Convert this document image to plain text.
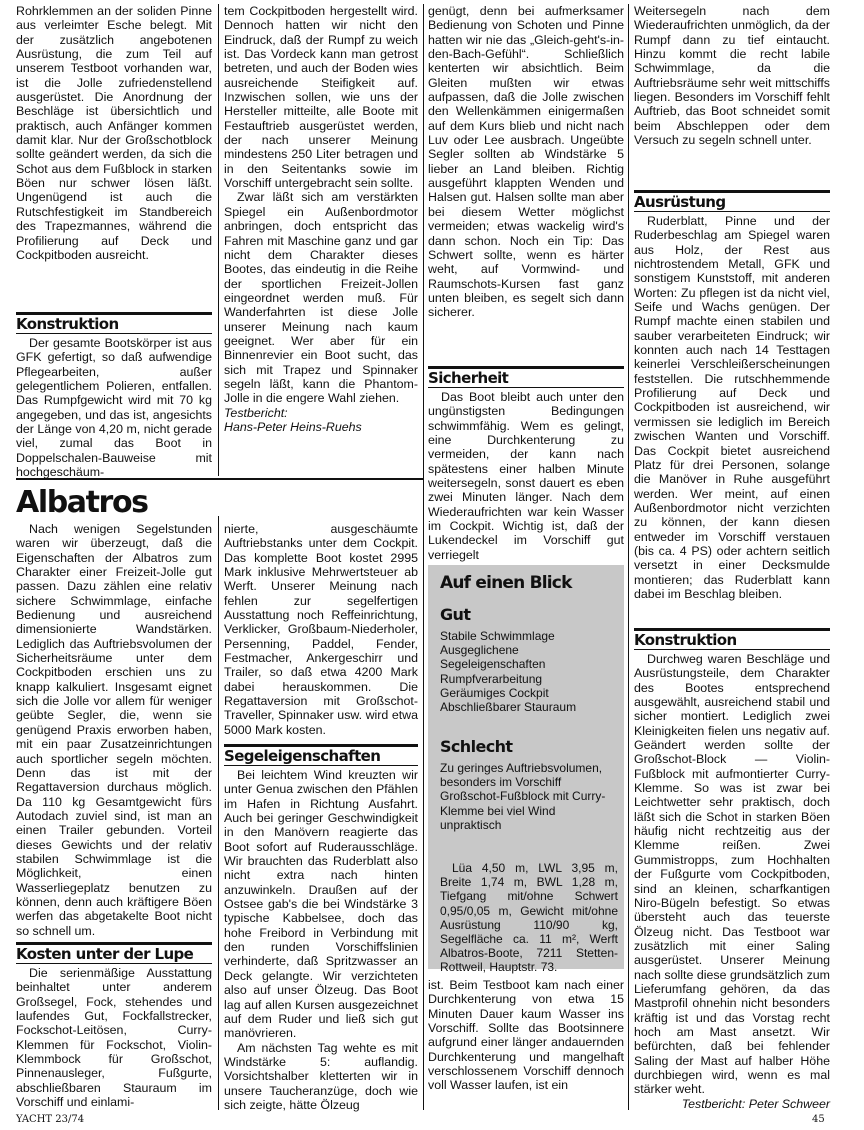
Rohrklemmen an der soliden Pinne aus verleimter Esche belegt. Mit der zusätzlich angebotenen Ausrüstung, die zum Teil auf unserem Testboot vorhanden war, ist die Jolle zufriedenstellend ausgerüstet. Die Anordnung der Beschläge ist übersichtlich und praktisch, auch Anfänger kommen damit klar. Nur der Großschotblock sollte geändert werden, da sich die Schot aus dem Fußblock in starken Böen nur schwer lösen läßt. Ungenügend ist auch die Rutschfestigkeit im Standbereich des Trapezmannes, während die Profilierung auf Deck und Cockpitboden ausreicht.

Konstruktion

Der gesamte Bootskörper ist aus GFK gefertigt, so daß aufwendige Pflegearbeiten, außer gelegentlichem Polieren, entfallen. Das Rumpfgewicht wird mit 70 kg angegeben, und das ist, angesichts der Länge von 4,20 m, nicht gerade viel, zumal das Boot in Doppelschalen-Bauweise mit hochgeschäum-

tem Cockpitboden hergestellt wird. Dennoch hatten wir nicht den Eindruck, daß der Rumpf zu weich ist. Das Vordeck kann man getrost betreten, und auch der Boden wies ausreichende Steifigkeit auf. Inzwischen sollen, wie uns der Hersteller mitteilte, alle Boote mit Festauftrieb ausgerüstet werden, der nach unserer Meinung mindestens 250 Liter betragen und in den Seitentanks sowie im Vorschiff untergebracht sein sollte.

Zwar läßt sich am verstärkten Spiegel ein Außenbordmotor anbringen, doch entspricht das Fahren mit Maschine ganz und gar nicht dem Charakter dieses Bootes, das eindeutig in die Reihe der sportlichen Freizeit-Jollen eingeordnet werden muß. Für Wanderfahrten ist diese Jolle unserer Meinung nach kaum geeignet. Wer aber für ein Binnenrevier ein Boot sucht, das sich mit Trapez und Spinnaker segeln läßt, kann die Phantom-Jolle in die engere Wahl ziehen.

Testbericht:

Hans-Peter Heins-Ruehs

Albatros

Nach wenigen Segelstunden waren wir überzeugt, daß die Eigenschaften der Albatros zum Charakter einer Freizeit-Jolle gut passen. Dazu zählen eine relativ sichere Schwimmlage, einfache Bedienung und ausreichend dimensionierte Wandstärken. Lediglich das Auftriebsvolumen der Sicherheitsräume unter dem Cockpitboden erschien uns zu knapp kalkuliert. Insgesamt eignet sich die Jolle vor allem für weniger geübte Segler, die, wenn sie genügend Praxis erworben haben, mit ein paar Zusatzeinrichtungen auch sportlicher segeln möchten. Denn das ist mit der Regattaversion durchaus möglich. Da 110 kg Gesamtgewicht fürs Autodach zuviel sind, ist man an einen Trailer gebunden. Vorteil dieses Gewichts und der relativ stabilen Schwimmlage ist die Möglichkeit, einen Wasserliegeplatz benutzen zu können, denn auch kräftigere Böen werfen das abgetakelte Boot nicht so schnell um.

Kosten unter der Lupe

Die serienmäßige Ausstattung beinhaltet unter anderem Großsegel, Fock, stehendes und laufendes Gut, Fockfallstrecker, Fockschot-Leitösen, Curry-Klemmen für Fockschot, Violin-Klemmbock für Großschot, Pinnenausleger, Fußgurte, abschließbaren Stauraum im Vorschiff und einlami-

nierte, ausgeschäumte Auftriebstanks unter dem Cockpit. Das komplette Boot kostet 2995 Mark inklusive Mehrwertsteuer ab Werft. Unserer Meinung nach fehlen zur segelfertigen Ausstattung noch Reffeinrichtung, Verklicker, Großbaum-Niederholer, Persenning, Paddel, Fender, Festmacher, Ankergeschirr und Trailer, so daß etwa 4200 Mark dabei herauskommen. Die Regattaversion mit Großschot-Traveller, Spinnaker usw. wird etwa 5000 Mark kosten.

Segeleigenschaften

Bei leichtem Wind kreuzten wir unter Genua zwischen den Pfählen im Hafen in Richtung Ausfahrt. Auch bei geringer Geschwindigkeit in den Manövern reagierte das Boot sofort auf Ruderausschläge. Wir brauchten das Ruderblatt also nicht extra nach hinten anzuwinkeln. Draußen auf der Ostsee gab's die bei Windstärke 3 typische Kabbelsee, doch das hohe Freibord in Verbindung mit den runden Vorschiffslinien verhinderte, daß Spritzwasser an Deck gelangte. Wir verzichteten also auf unser Ölzeug. Das Boot lag auf allen Kursen ausgezeichnet auf dem Ruder und ließ sich gut manövrieren.

Am nächsten Tag wehte es mit Windstärke 5: auflandig. Vorsichtshalber kletterten wir in unsere Taucheranzüge, doch wie sich zeigte, hätte Ölzeug

genügt, denn bei aufmerksamer Bedienung von Schoten und Pinne hatten wir nie das „Gleich-geht's-in-den-Bach-Gefühl“. Schließlich kenterten wir absichtlich. Beim Gleiten mußten wir etwas aufpassen, daß die Jolle zwischen den Wellenkämmen einigermaßen auf dem Kurs blieb und nicht nach Luv oder Lee ausbrach. Ungeübte Segler sollten ab Windstärke 5 lieber an Land bleiben. Richtig ausgeführt klappten Wenden und Halsen gut. Halsen sollte man aber bei diesem Wetter möglichst vermeiden; etwas wackelig wird's dann schon. Noch ein Tip: Das Schwert sollte, wenn es härter weht, auf Vormwind- und Raumschots-Kursen fast ganz unten bleiben, es segelt sich dann sicherer.

Sicherheit

Das Boot bleibt auch unter den ungünstigsten Bedingungen schwimmfähig. Wem es gelingt, eine Durchkenterung zu vermeiden, der kann nach spätestens einer halben Minute weitersegeln, sonst dauert es eben zwei Minuten länger. Nach dem Wiederaufrichten war kein Wasser im Cockpit. Wichtig ist, daß der Lukendeckel im Vorschiff gut verriegelt

Auf einen Blick
Gut
Stabile Schwimmlage
Ausgeglichene Segeleigenschaften
Rumpfverarbeitung
Geräumiges Cockpit
Abschließbarer Stauraum
Schlecht
Zu geringes Auftriebsvolumen, besonders im Vorschiff
Großschot-Fußblock mit Curry-Klemme bei viel Wind unpraktisch
Lüa 4,50 m, LWL 3,95 m, Breite 1,74 m, BWL 1,28 m, Tiefgang mit/ohne Schwert 0,95/0,05 m, Gewicht mit/ohne Ausrüstung 110/90 kg, Segelfläche ca. 11 m², Werft Albatros-Boote, 7211 Stetten-Rottweil, Hauptstr. 73.

ist. Beim Testboot kam nach einer Durchkenterung von etwa 15 Minuten Dauer kaum Wasser ins Vorschiff. Sollte das Bootsinnere aufgrund einer länger andauernden Durchkenterung und mangelhaft verschlossenem Vorschiff dennoch voll Wasser laufen, ist ein

Weitersegeln nach dem Wiederaufrichten unmöglich, da der Rumpf dann zu tief eintaucht. Hinzu kommt die recht labile Schwimmlage, da die Auftriebsräume sehr weit mittschiffs liegen. Besonders im Vorschiff fehlt Auftrieb, das Boot schneidet somit beim Abschleppen oder dem Versuch zu segeln schnell unter.

Ausrüstung

Ruderblatt, Pinne und der Ruderbeschlag am Spiegel waren aus Holz, der Rest aus nichtrostendem Metall, GFK und sonstigem Kunststoff, mit anderen Worten: Zu pflegen ist da nicht viel, Seife und Wachs genügen. Der Rumpf machte einen stabilen und sauber verarbeiteten Eindruck; wir konnten auch nach 14 Testtagen keinerlei Verschleißerscheinungen feststellen. Die rutschhemmende Profilierung auf Deck und Cockpitboden ist ausreichend, wir vermissen sie lediglich im Bereich zwischen Wanten und Vorschiff. Das Cockpit bietet ausreichend Platz für drei Personen, solange die Manöver in Ruhe ausgeführt werden. Wer meint, auf einen Außenbordmotor nicht verzichten zu können, der kann diesen entweder im Vorschiff verstauen (bis ca. 4 PS) oder achtern seitlich versetzt in einer Decksmulde montieren; das Ruderblatt kann dabei im Beschlag bleiben.

Konstruktion

Durchweg waren Beschläge und Ausrüstungsteile, dem Charakter des Bootes entsprechend ausgewählt, ausreichend stabil und sicher montiert. Lediglich zwei Kleinigkeiten fielen uns negativ auf. Geändert werden sollte der Großschot-Block — Violin-Fußblock mit aufmontierter Curry-Klemme. So was ist zwar bei Leichtwetter sehr praktisch, doch läßt sich die Schot in starken Böen häufig nicht rechtzeitig aus der Klemme reißen. Zwei Gummistropps, zum Hochhalten der Fußgurte vom Cockpitboden, sind an kleinen, scharfkantigen Niro-Bügeln befestigt. So etwas übersteht auch das teuerste Ölzeug nicht. Das Testboot war zusätzlich mit einer Saling ausgerüstet. Unserer Meinung nach sollte diese grundsätzlich zum Lieferumfang gehören, da das Mastprofil ohnehin nicht besonders kräftig ist und das Vorstag recht hoch am Mast ansetzt. Wir befürchten, daß bei fehlender Saling der Mast auf halber Höhe durchbiegen wird, wenn es mal stärker weht.

Testbericht: Peter Schweer

YACHT 23/74	45
